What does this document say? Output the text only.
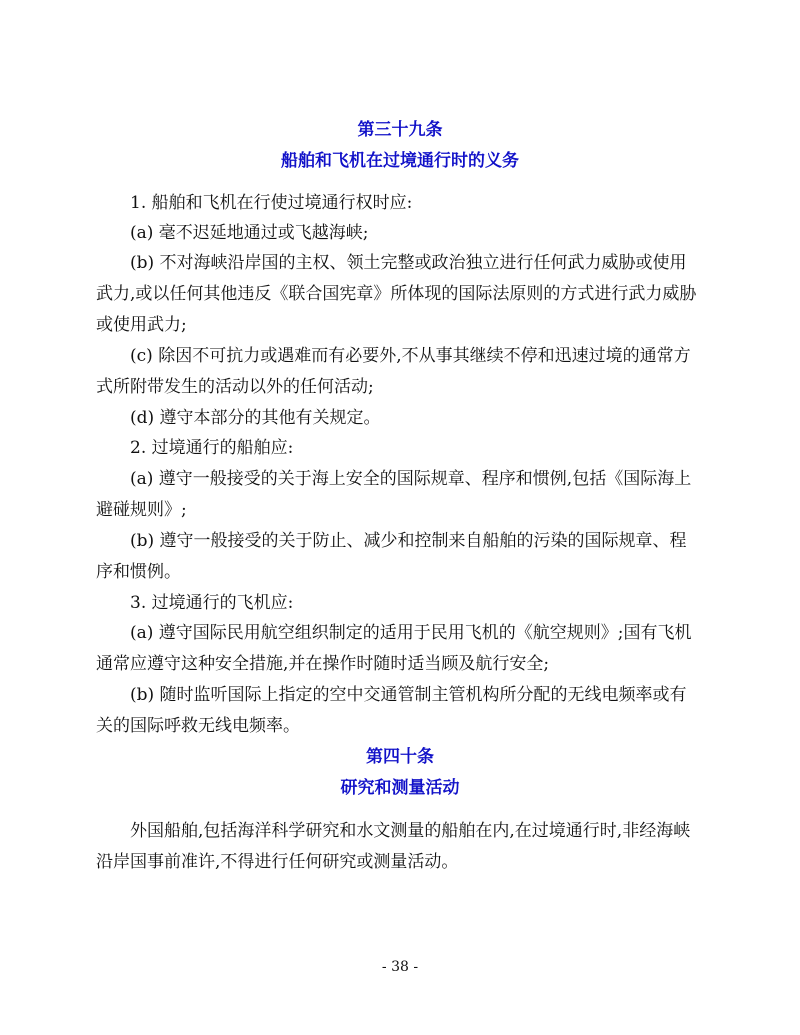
第三十九条
船舶和飞机在过境通行时的义务
1. 船舶和飞机在行使过境通行权时应:
(a) 毫不迟延地通过或飞越海峡;
(b) 不对海峡沿岸国的主权、领土完整或政治独立进行任何武力威胁或使用
武力,或以任何其他违反《联合国宪章》所体现的国际法原则的方式进行武力威胁
或使用武力;
(c) 除因不可抗力或遇难而有必要外,不从事其继续不停和迅速过境的通常方
式所附带发生的活动以外的任何活动;
(d) 遵守本部分的其他有关规定。
2. 过境通行的船舶应:
(a) 遵守一般接受的关于海上安全的国际规章、程序和惯例,包括《国际海上
避碰规则》;
(b) 遵守一般接受的关于防止、减少和控制来自船舶的污染的国际规章、程
序和惯例。
3. 过境通行的飞机应:
(a) 遵守国际民用航空组织制定的适用于民用飞机的《航空规则》;国有飞机
通常应遵守这种安全措施,并在操作时随时适当顾及航行安全;
(b) 随时监听国际上指定的空中交通管制主管机构所分配的无线电频率或有
关的国际呼救无线电频率。
第四十条
研究和测量活动
外国船舶,包括海洋科学研究和水文测量的船舶在内,在过境通行时,非经海峡
沿岸国事前准许,不得进行任何研究或测量活动。
- 38 -
